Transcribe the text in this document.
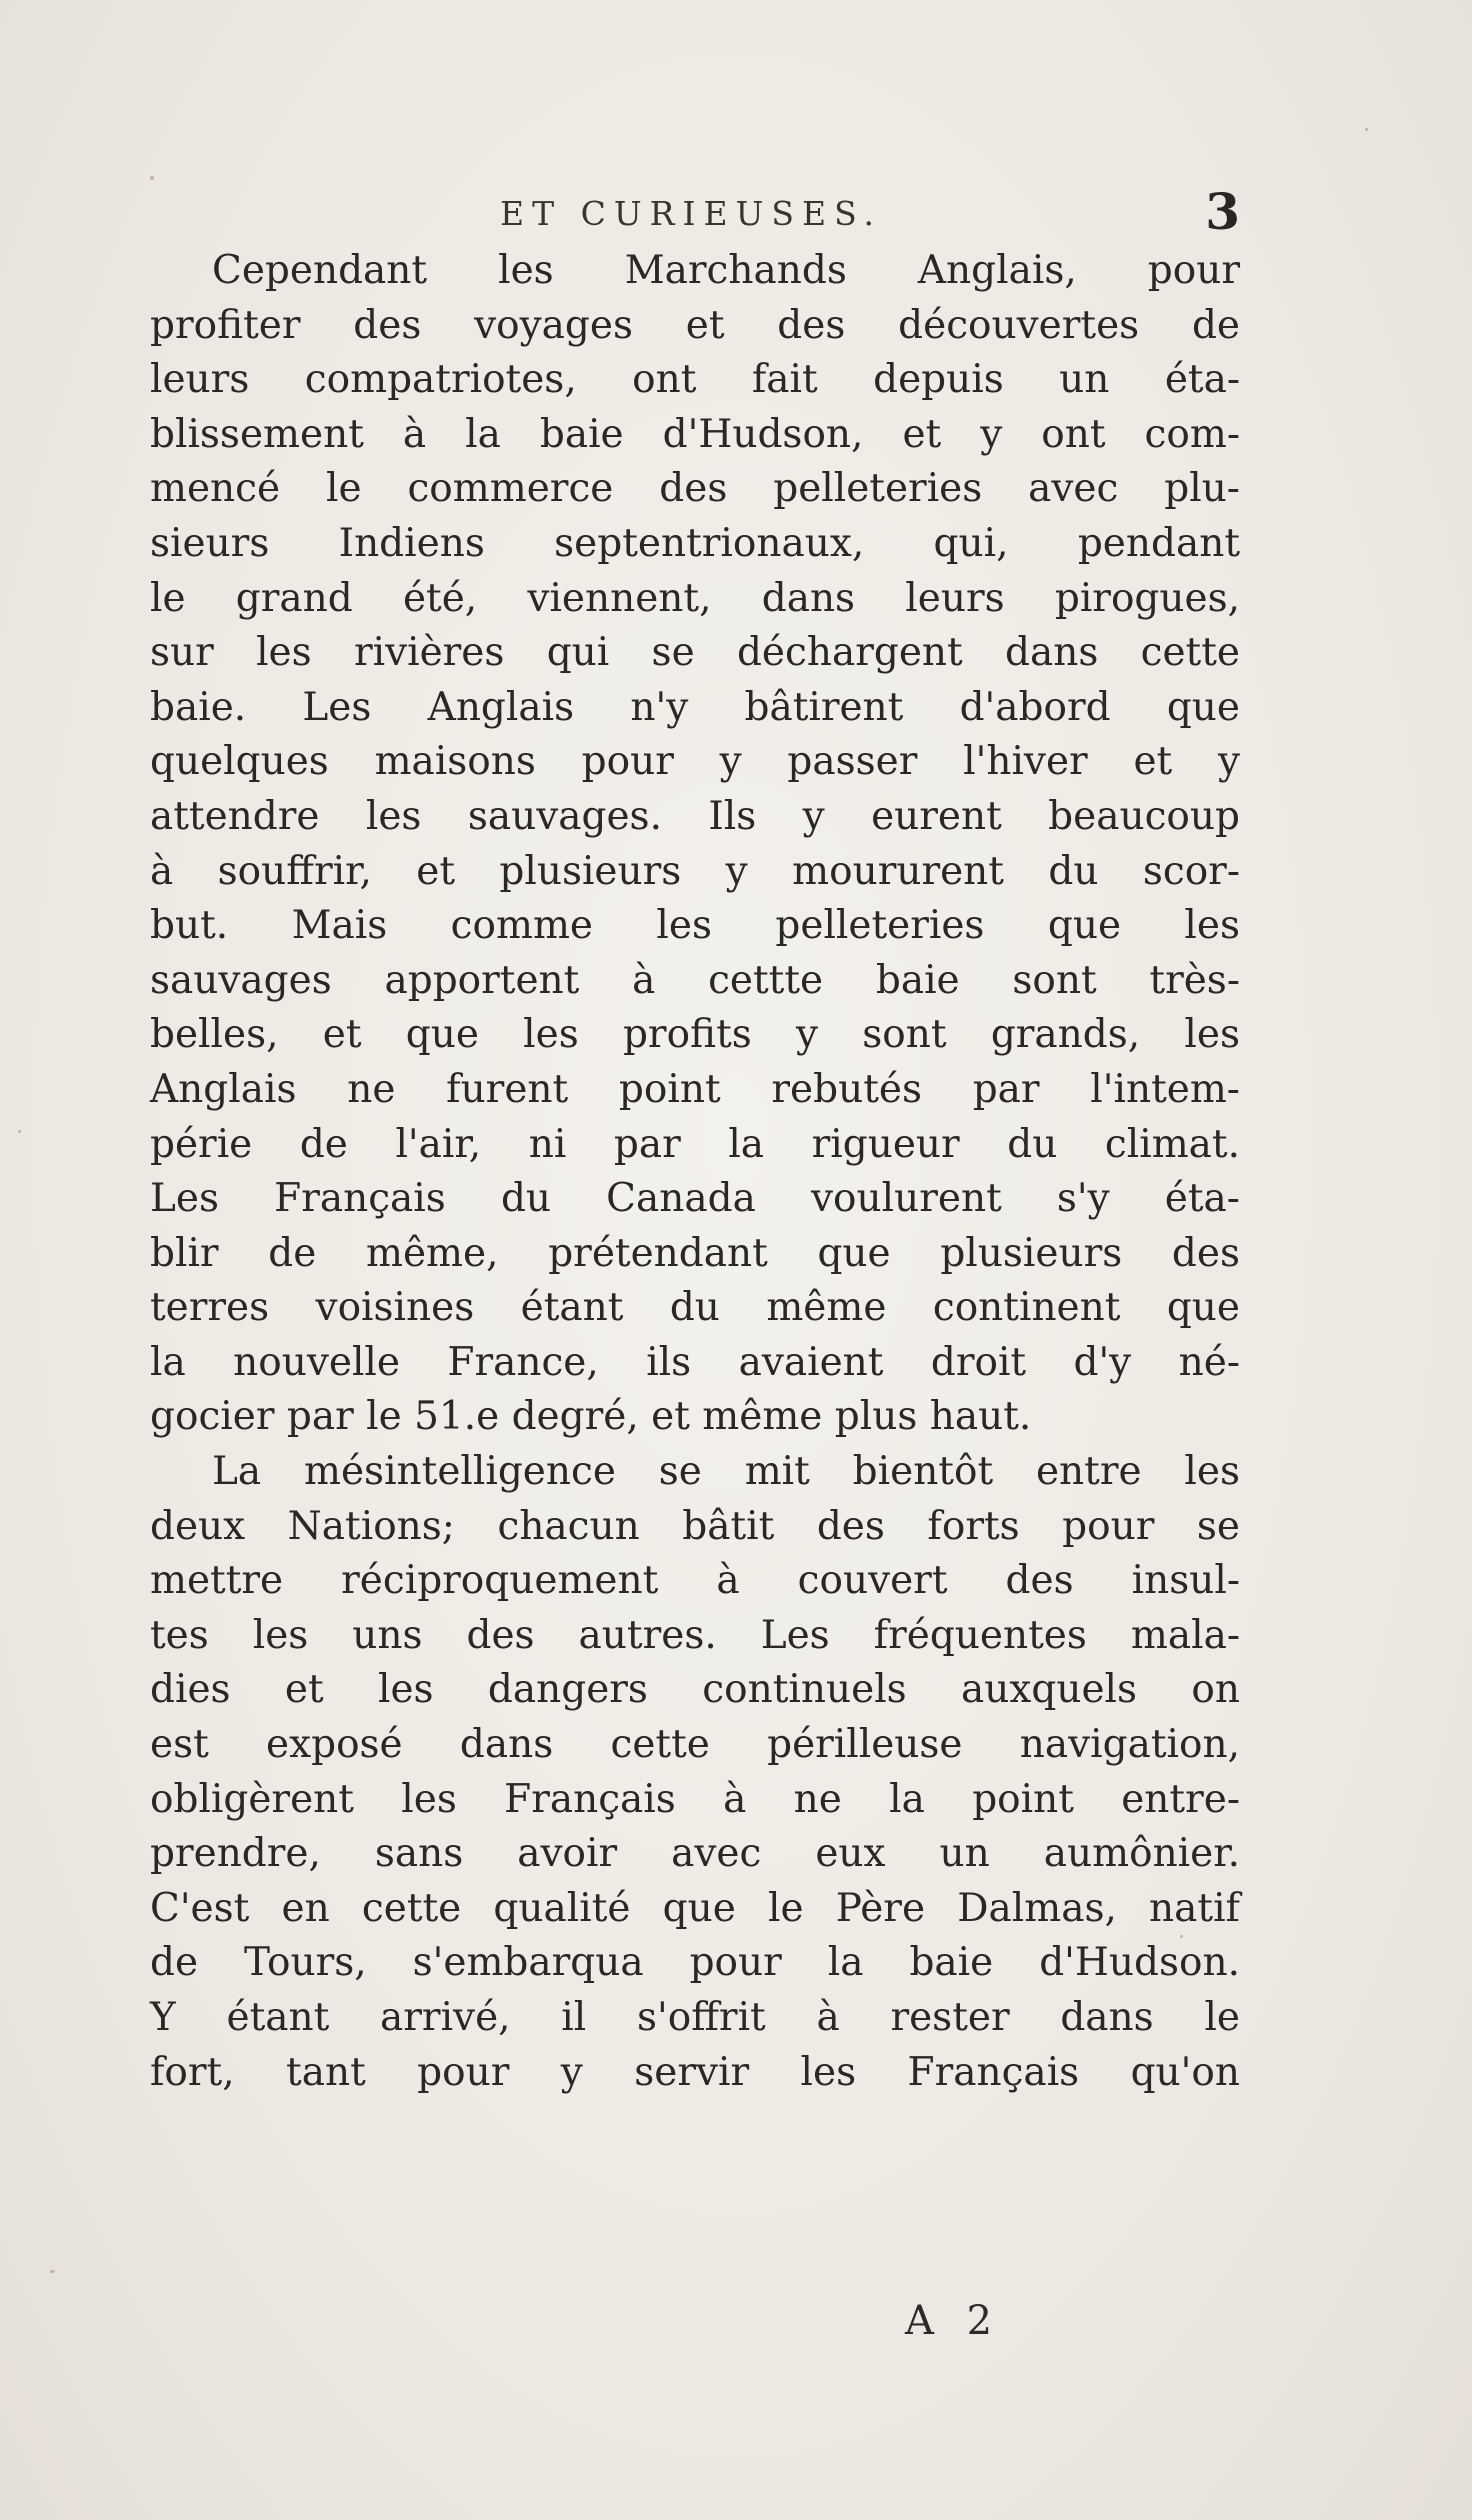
ET CURIEUSES.	3
Cependant les Marchands Anglais, pour
profiter des voyages et des découvertes de
leurs compatriotes, ont fait depuis un éta-
blissement à la baie d'Hudson, et y ont com-
mencé le commerce des pelleteries avec plu-
sieurs Indiens septentrionaux, qui, pendant
le grand été, viennent, dans leurs pirogues,
sur les rivières qui se déchargent dans cette
baie. Les Anglais n'y bâtirent d'abord que
quelques maisons pour y passer l'hiver et y
attendre les sauvages. Ils y eurent beaucoup
à souffrir, et plusieurs y moururent du scor-
but. Mais comme les pelleteries que les
sauvages apportent à cettte baie sont très-
belles, et que les profits y sont grands, les
Anglais ne furent point rebutés par l'intem-
périe de l'air, ni par la rigueur du climat.
Les Français du Canada voulurent s'y éta-
blir de même, prétendant que plusieurs des
terres voisines étant du même continent que
la nouvelle France, ils avaient droit d'y né-
gocier par le 51.e degré, et même plus haut.
La mésintelligence se mit bientôt entre les
deux Nations; chacun bâtit des forts pour se
mettre réciproquement à couvert des insul-
tes les uns des autres. Les fréquentes mala-
dies et les dangers continuels auxquels on
est exposé dans cette périlleuse navigation,
obligèrent les Français à ne la point entre-
prendre, sans avoir avec eux un aumônier.
C'est en cette qualité que le Père Dalmas, natif
de Tours, s'embarqua pour la baie d'Hudson.
Y étant arrivé, il s'offrit à rester dans le
fort, tant pour y servir les Français qu'on
A 2
